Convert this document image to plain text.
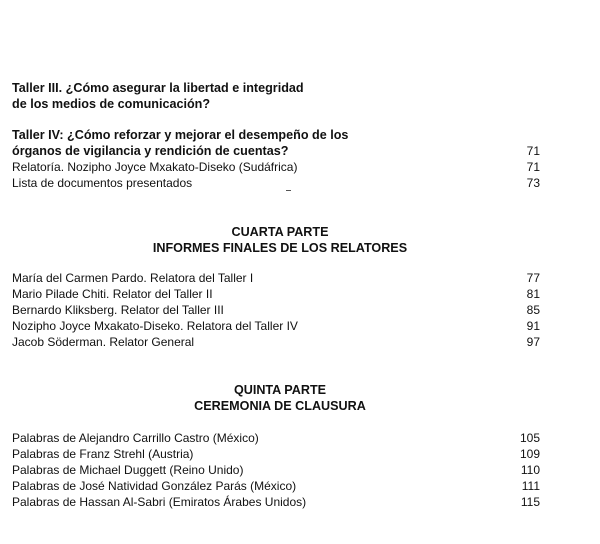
Taller III. ¿Cómo asegurar la libertad e integridad
de los medios de comunicación?
Taller IV: ¿Cómo reforzar y mejorar el desempeño de los
órganos de vigilancia y rendición de cuentas?	71
Relatoría. Nozipho Joyce Mxakato-Diseko (Sudáfrica)	71
Lista de documentos presentados	73
CUARTA PARTE
INFORMES FINALES DE LOS RELATORES
María del Carmen Pardo. Relatora del Taller I	77
Mario Pilade Chiti. Relator del Taller II	81
Bernardo Kliksberg. Relator del Taller III	85
Nozipho Joyce Mxakato-Diseko. Relatora del Taller IV	91
Jacob Söderman. Relator General	97
QUINTA PARTE
CEREMONIA DE CLAUSURA
Palabras de Alejandro Carrillo Castro (México)	105
Palabras de Franz Strehl (Austria)	109
Palabras de Michael Duggett (Reino Unido)	110
Palabras de José Natividad González Parás (México)	111
Palabras de Hassan Al-Sabri (Emiratos Árabes Unidos)	115
